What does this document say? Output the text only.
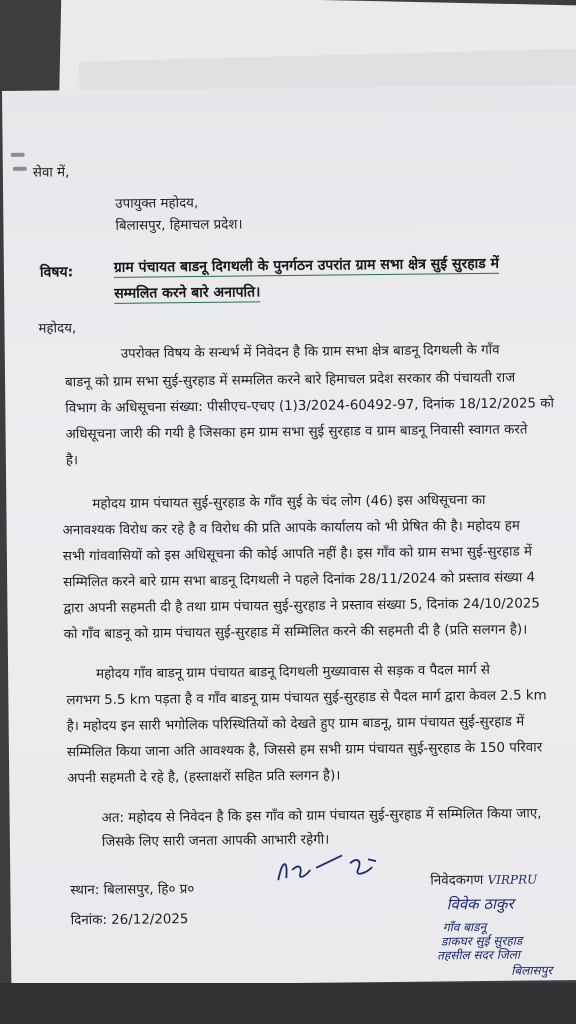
सेवा में,

उपायुक्त महोदय,

बिलासपुर, हिमाचल प्रदेश।

विषय:	ग्राम पंचायत बाडनू दिगथली के पुनर्गठन उपरांत ग्राम सभा क्षेत्र सुई सुरहाड में

सम्मलित करने बारे अनापति।

महोदय,

उपरोक्त विषय के सन्धर्भ में निवेदन है कि ग्राम सभा क्षेत्र बाडनू दिगथली के गाँव

बाडनू को ग्राम सभा सुई-सुरहाड में सम्मलित करने बारे हिमाचल प्रदेश सरकार की पंचायती राज

विभाग के अधिसूचना संख्या: पीसीएच-एचए (1)3/2024-60492-97, दिनांक 18/12/2025 को

अधिसूचना जारी की गयी है जिसका हम ग्राम सभा सुई सुरहाड व ग्राम बाडनू निवासी स्वागत करते

है।

महोदय ग्राम पंचायत सुई-सुरहाड के गाँव सुई के चंद लोग (46) इस अधिसूचना का

अनावश्यक विरोध कर रहे है व विरोध की प्रति आपके कार्यालय को भी प्रेषित की है। महोदय हम

सभी गांववासियों को इस अधिसूचना की कोई आपति नहीं है। इस गाँव को ग्राम सभा सुई-सुरहाड में

सम्मिलित करने बारे ग्राम सभा बाडनू दिगथली ने पहले दिनांक 28/11/2024 को प्रस्ताव संख्या 4

द्वारा अपनी सहमती दी है तथा ग्राम पंचायत सुई-सुरहाड ने प्रस्ताव संख्या 5, दिनांक 24/10/2025

को गाँव बाडनू को ग्राम पंचायत सुई-सुरहाड में सम्मिलित करने की सहमती दी है (प्रति सलगन है)।

महोदय गाँव बाडनू ग्राम पंचायत बाडनू दिगथली मुख्यावास से सड़क व पैदल मार्ग से

लगभग 5.5 km पड़ता है व गाँव बाडनू ग्राम पंचायत सुई-सुरहाड से पैदल मार्ग द्वारा केवल 2.5 km

है। महोदय इन सारी भगोलिक परिस्थितियों को देखते हुए ग्राम बाडनू, ग्राम पंचायत सुई-सुरहाड में

सम्मिलित किया जाना अति आवश्यक है, जिससे हम सभी ग्राम पंचायत सुई-सुरहाड के 150 परिवार

अपनी सहमती दे रहे है, (हस्ताक्षरों सहित प्रति स्लगन है)।

अत: महोदय से निवेदन है कि इस गाँव को ग्राम पंचायत सुई-सुरहाड में सम्मिलित किया जाए,

जिसके लिए सारी जनता आपकी आभारी रहेगी।

स्थान: बिलासपुर, हि० प्र०

दिनांक: 26/12/2025

निवेदकगण VIRPRU

विवेक ठाकुर

गाँव बाडनू

डाकघर सुई सुरहाड

तहसील सदर जिला

बिलासपुर
